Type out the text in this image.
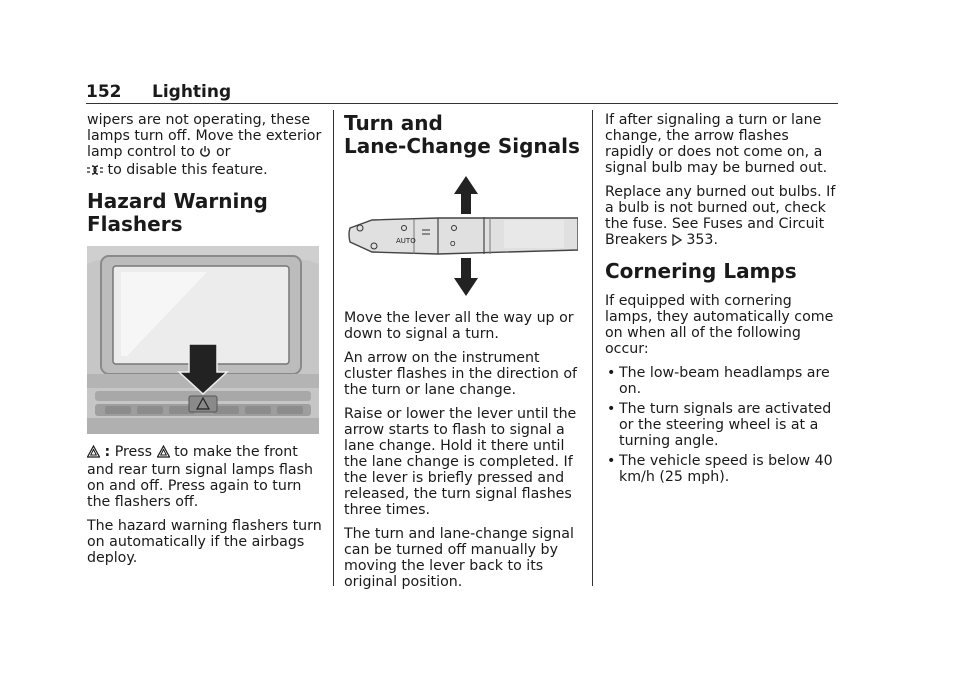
152 Lighting

wipers are not operating, these lamps turn off. Move the exterior lamp control to or
to disable this feature.

Hazard Warning
Flashers

: Press to make the front and rear turn signal lamps flash on and off. Press again to turn the flashers off.

The hazard warning flashers turn on automatically if the airbags deploy.

Turn and
Lane-Change Signals
AUTO	O

Move the lever all the way up or down to signal a turn.

An arrow on the instrument cluster flashes in the direction of the turn or lane change.

Raise or lower the lever until the arrow starts to flash to signal a lane change. Hold it there until the lane change is completed. If the lever is briefly pressed and released, the turn signal flashes three times.

The turn and lane-change signal can be turned off manually by moving the lever back to its original position.

If after signaling a turn or lane change, the arrow flashes rapidly or does not come on, a signal bulb may be burned out.

Replace any burned out bulbs. If a bulb is not burned out, check the fuse. See Fuses and Circuit Breakers 353.

Cornering Lamps

If equipped with cornering lamps, they automatically come on when all of the following occur:

• The low-beam headlamps are on.
• The turn signals are activated or the steering wheel is at a turning angle.
• The vehicle speed is below 40 km/h (25 mph).
